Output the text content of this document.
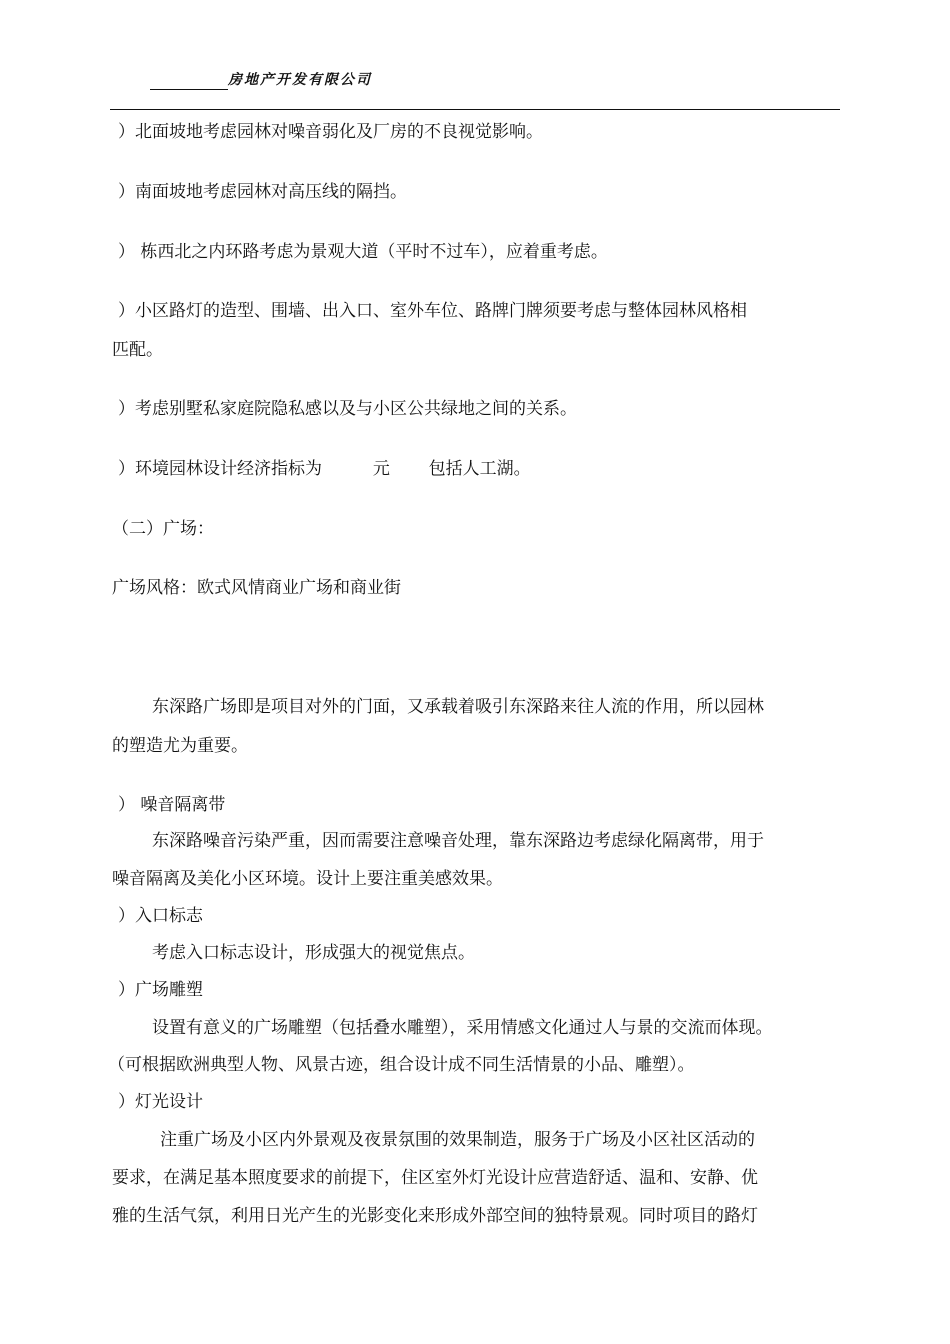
房地产开发有限公司
）北面坡地考虑园林对噪音弱化及厂房的不良视觉影响。
）南面坡地考虑园林对高压线的隔挡。
） 栋西北之内环路考虑为景观大道（平时不过车），应着重考虑。
）小区路灯的造型、围墙、出入口、室外车位、路牌门牌须要考虑与整体园林风格相
匹配。
）考虑别墅私家庭院隐私感以及与小区公共绿地之间的关系。
）环境园林设计经济指标为	元 包括人工湖。
（二）广场：
广场风格：欧式风情商业广场和商业街
东深路广场即是项目对外的门面，又承载着吸引东深路来往人流的作用，所以园林
的塑造尤为重要。
） 噪音隔离带
东深路噪音污染严重，因而需要注意噪音处理，靠东深路边考虑绿化隔离带，用于
噪音隔离及美化小区环境。设计上要注重美感效果。
）入口标志
考虑入口标志设计，形成强大的视觉焦点。
）广场雕塑
设置有意义的广场雕塑（包括叠水雕塑），采用情感文化通过人与景的交流而体现。
（可根据欧洲典型人物、风景古迹，组合设计成不同生活情景的小品、雕塑）。
）灯光设计
注重广场及小区内外景观及夜景氛围的效果制造，服务于广场及小区社区活动的
要求，在满足基本照度要求的前提下，住区室外灯光设计应营造舒适、温和、安静、优
雅的生活气氛，利用日光产生的光影变化来形成外部空间的独特景观。同时项目的路灯
